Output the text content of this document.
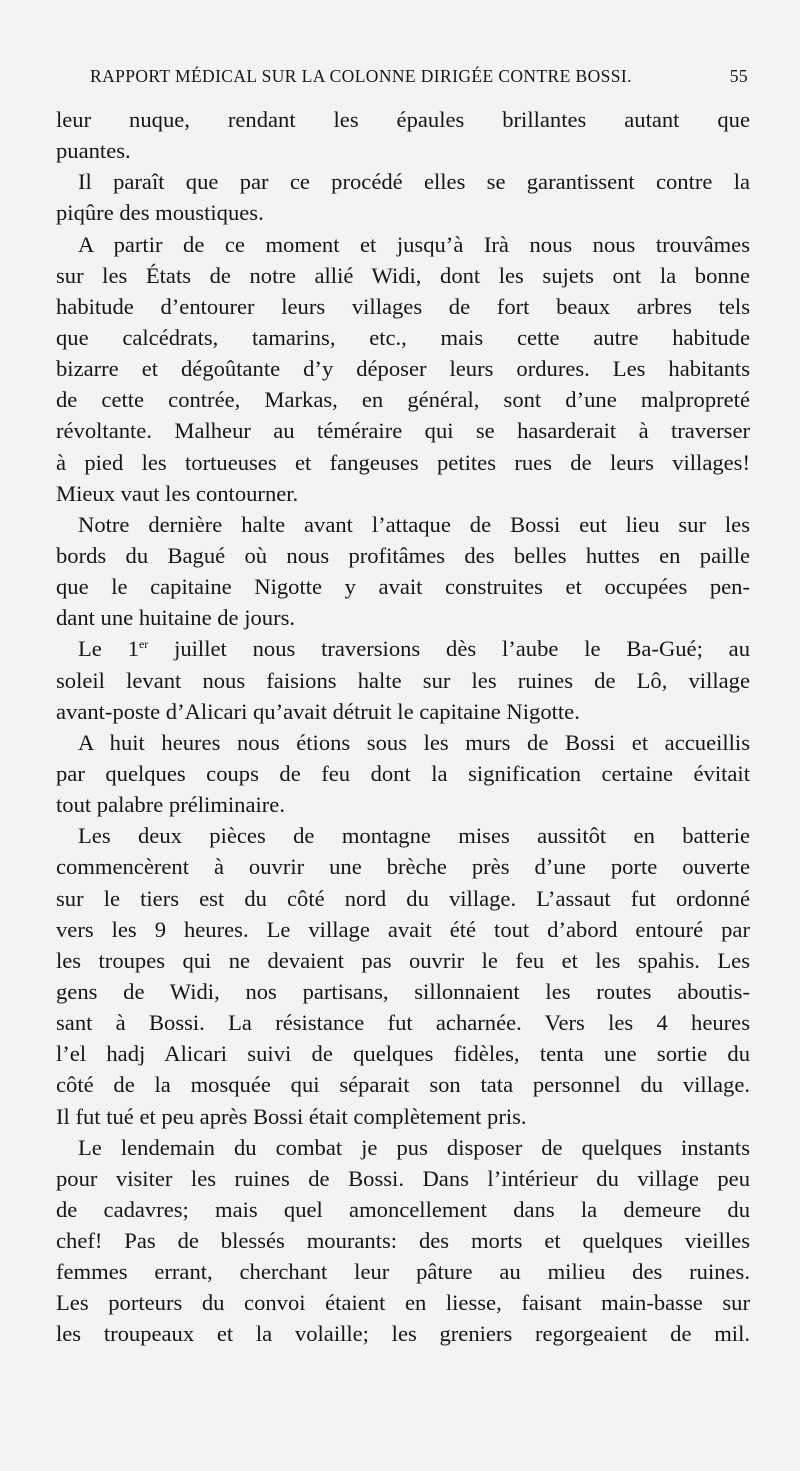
RAPPORT MÉDICAL SUR LA COLONNE DIRIGÉE CONTRE BOSSI.	55
leur nuque, rendant les épaules brillantes autant que
puantes.
Il paraît que par ce procédé elles se garantissent contre la
piqûre des moustiques.
A partir de ce moment et jusqu’à Irà nous nous trouvâmes
sur les États de notre allié Widi, dont les sujets ont la bonne
habitude d’entourer leurs villages de fort beaux arbres tels
que calcédrats, tamarins, etc., mais cette autre habitude
bizarre et dégoûtante d’y déposer leurs ordures. Les habitants
de cette contrée, Markas, en général, sont d’une malpropreté
révoltante. Malheur au téméraire qui se hasarderait à traverser
à pied les tortueuses et fangeuses petites rues de leurs villages!
Mieux vaut les contourner.
Notre dernière halte avant l’attaque de Bossi eut lieu sur les
bords du Bagué où nous profitâmes des belles huttes en paille
que le capitaine Nigotte y avait construites et occupées pen-
dant une huitaine de jours.
Le 1er juillet nous traversions dès l’aube le Ba-Gué; au
soleil levant nous faisions halte sur les ruines de Lô, village
avant-poste d’Alicari qu’avait détruit le capitaine Nigotte.
A huit heures nous étions sous les murs de Bossi et accueillis
par quelques coups de feu dont la signification certaine évitait
tout palabre préliminaire.
Les deux pièces de montagne mises aussitôt en batterie
commencèrent à ouvrir une brèche près d’une porte ouverte
sur le tiers est du côté nord du village. L’assaut fut ordonné
vers les 9 heures. Le village avait été tout d’abord entouré par
les troupes qui ne devaient pas ouvrir le feu et les spahis. Les
gens de Widi, nos partisans, sillonnaient les routes aboutis-
sant à Bossi. La résistance fut acharnée. Vers les 4 heures
l’el hadj Alicari suivi de quelques fidèles, tenta une sortie du
côté de la mosquée qui séparait son tata personnel du village.
Il fut tué et peu après Bossi était complètement pris.
Le lendemain du combat je pus disposer de quelques instants
pour visiter les ruines de Bossi. Dans l’intérieur du village peu
de cadavres; mais quel amoncellement dans la demeure du
chef! Pas de blessés mourants: des morts et quelques vieilles
femmes errant, cherchant leur pâture au milieu des ruines.
Les porteurs du convoi étaient en liesse, faisant main-basse sur
les troupeaux et la volaille; les greniers regorgeaient de mil.
